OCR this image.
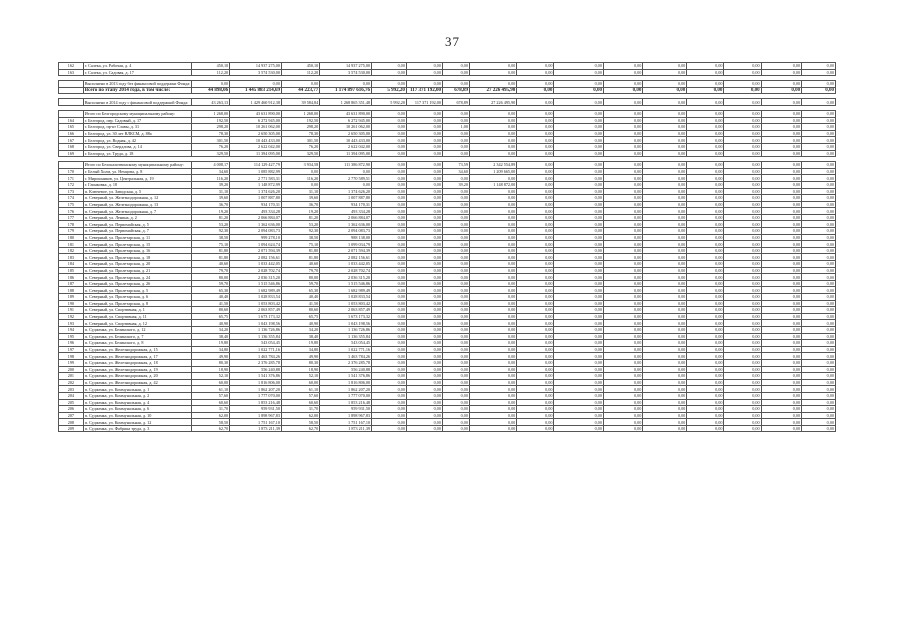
37
162	г. Салека, ул. Рабочая, д. 4	450,10	14 937 275,00	450,10	14 937 275,00	0,00	0,00	0,00	0,00	0,00	0,00	0,00	0,00	0,00	0,00	0,00	0,00
163	г. Салека, ул. Садовая, д. 17	112,20	3 574 530,00	112,20	3 574 530,00	0,00	0,00	0,00	0,00	0,00	0,00	0,00	0,00	0,00	0,00	0,00	0,00

	Выполнено в 2013 году без финансовой поддержки Фонда:	0,00	0,00	0,00	0,00	0,00	0,00	0,00	0,00	0,00	0,00	0,00	0,00	0,00	0,00	0,00	0,00
	Всего по этапу 2014 года, в том числе:	44 898,06	1 445 883 214,69	44 223,77	1 174 897 616,76	5 992,20	117 371 192,00	678,89	27 226 495,90	0,00	0,00	0,00	0,00	0,00	0,00	0,00	0,00

	Выполнено в 2014 году с финансовой поддержкой Фонда:	43 263,13	1 429 460 912,38	39 584,84	1 268 865 351,48	5 992,20	117 371 192,00	678,89	27 226 495,90	0,00	0,00	0,00	0,00	0,00	0,00	0,00	0,00

	Итого по Белгородскому муниципальному району:	1 268,00	43 631 890,00	1 268,00	43 631 890,00	0,00	0,00	0,00	0,00	0,00	0,00	0,00	0,00	0,00	0,00	0,00	0,00
164	г. Белгород, пер. Садовый, д. 17	192,50	6 272 945,00	192,50	6 272 945,00	0,00	0,00	0,00	0,00	0,00	0,00	0,00	0,00	0,00	0,00	0,00	0,00
165	г. Белгород, пр-кт Славы, д. 31	298,20	10 261 062,00	298,20	10 261 062,00	0,00	0,00	1,00	0,00	0,00	0,00	0,00	0,00	0,00	0,00	0,00	0,00
166	г. Белгород, ул. 30 лет ВЛКСМ, д. 88а	78,30	2 650 305,00	78,30	2 650 305,00	0,00	0,00	0,00	0,00	0,00	0,00	0,00	0,00	0,00	0,00	0,00	0,00
167	г. Белгород, ул. Водная, д. 42	301,50	10 443 433,00	301,50	10 443 433,00	0,00	0,00	0,00	0,00	0,00	0,00	0,00	0,00	0,00	0,00	0,00	0,00
168	г. Белгород, ул. Свердлова, д. 14	76,20	2 622 042,00	76,20	2 622 042,00	0,00	0,00	0,00	0,00	0,00	0,00	0,00	0,00	0,00	0,00	0,00	0,00
169	г. Белгород, ул. Труда, д. 18	329,50	11 394 095,00	329,50	11 394 095,00	0,00	0,00	0,00	0,00	0,00	0,00	0,00	0,00	0,00	0,00	0,00	0,00

	Итого по Белокалитвинскому муниципальному району:	4 008,17	114 129 427,79	3 934,58	111 386 872,90	0,00	0,00	73,59	2 342 554,89	0,00	0,00	0,00	0,00	0,00	0,00	0,00	0,00
170	г. Белый Холм, ул. Немцова, д. 8	34,60	1 085 882,99	0,00	0,00	0,00	0,00	34,60	1 209 665,00	0,00	0,00	0,00	0,00	0,00	0,00	0,00	0,00
171	г. Мирошников, ул. Центральная, д. 19	116,20	2 771 583,31	116,20	2 770 589,51	0,00	0,00	0,00	0,00	0,00	0,00	0,00	0,00	0,00	0,00	0,00	0,00
172	г. Глинковка, д. 18	39,20	1 148 872,99	0,00	0,00	0,00	0,00	39,20	1 148 872,00	0,00	0,00	0,00	0,00	0,00	0,00	0,00	0,00
173	п. Ключевое, ул. Заводская, д. 5	31,10	1 374 626,20	31,10	1 374 626,20	0,00	0,00	0,00	0,00	0,00	0,00	0,00	0,00	0,00	0,00	0,00	0,00
174	п. Северный, ул. Железнодорожная, д. 12	39,60	1 007 887,80	39,60	1 007 887,80	0,00	0,00	0,00	0,00	0,00	0,00	0,00	0,00	0,00	0,00	0,00	0,00
175	п. Северный, ул. Железнодорожная, д. 13	36,70	934 170,31	36,70	934 170,31	0,00	0,00	0,00	0,00	0,00	0,00	0,00	0,00	0,00	0,00	0,00	0,00
176	п. Северный, ул. Железнодорожная, д. 7	19,20	493 334,28	19,20	493 334,28	0,00	0,00	0,00	0,00	0,00	0,00	0,00	0,00	0,00	0,00	0,00	0,00
177	п. Северный, ул. Ленина, д. 2	81,20	2 066 884,07	81,20	2 066 884,07	0,00	0,00	0,00	0,00	0,00	0,00	0,00	0,00	0,00	0,00	0,00	0,00
178	п. Северный, ул. Первомайская, д. 5	53,20	1 362 636,00	53,20	1 362 636,00	0,00	0,00	0,00	0,00	0,00	0,00	0,00	0,00	0,00	0,00	0,00	0,00
179	п. Северный, ул. Первомайская, д. 7	92,30	2 094 083,73	92,30	2 094 083,73	0,00	0,00	0,00	0,00	0,00	0,00	0,00	0,00	0,00	0,00	0,00	0,00
180	п. Северный, ул. Пролетарская, д. 11	38,50	999 278,10	38,50	988 138,00	0,00	0,00	0,00	0,00	0,00	0,00	0,00	0,00	0,00	0,00	0,00	0,00
181	п. Северный, ул. Пролетарская, д. 15	75,10	1 094 624,74	75,10	1 099 034,79	0,00	0,00	0,00	0,00	0,00	0,00	0,00	0,00	0,00	0,00	0,00	0,00
182	п. Северный, ул. Пролетарская, д. 16	81,80	2 071 594,39	81,80	2 071 594,39	0,00	0,00	0,00	0,00	0,00	0,00	0,00	0,00	0,00	0,00	0,00	0,00
183	п. Северный, ул. Пролетарская, д. 18	81,80	2 082 156,61	81,80	2 082 156,61	0,00	0,00	0,00	0,00	0,00	0,00	0,00	0,00	0,00	0,00	0,00	0,00
184	п. Северный, ул. Пролетарская, д. 20	40,60	1 033 442,05	40,60	1 033 442,05	0,00	0,00	0,00	0,00	0,00	0,00	0,00	0,00	0,00	0,00	0,00	0,00
185	п. Северный, ул. Пролетарская, д. 21	79,70	2 028 702,74	79,70	2 028 702,74	0,00	0,00	0,00	0,00	0,00	0,00	0,00	0,00	0,00	0,00	0,00	0,00
186	п. Северный, ул. Пролетарская, д. 24	80,00	2 036 315,20	80,00	2 036 315,20	0,00	0,00	0,00	0,00	0,00	0,00	0,00	0,00	0,00	0,00	0,00	0,00
187	п. Северный, ул. Пролетарская, д. 26	59,70	1 515 546,86	59,70	1 515 546,86	0,00	0,00	0,00	0,00	0,00	0,00	0,00	0,00	0,00	0,00	0,00	0,00
188	п. Северный, ул. Пролетарская, д. 5	65,30	1 682 989,49	65,30	1 682 989,49	0,00	0,00	0,00	0,00	0,00	0,00	0,00	0,00	0,00	0,00	0,00	0,00
189	п. Северный, ул. Пролетарская, д. 6	40,40	1 028 833,54	40,40	1 028 833,54	0,00	0,00	0,00	0,00	0,00	0,00	0,00	0,00	0,00	0,00	0,00	0,00
190	п. Северный, ул. Пролетарская, д. 8	41,50	1 053 803,42	41,50	1 053 803,42	0,00	0,00	0,00	0,00	0,00	0,00	0,00	0,00	0,00	0,00	0,00	0,00
191	п. Северный, ул. Спортивная, д. 1	80,60	2 063 857,49	80,60	2 063 857,49	0,00	0,00	0,00	0,00	0,00	0,00	0,00	0,00	0,00	0,00	0,00	0,00
192	п. Северный, ул. Спортивная, д. 11	65,75	1 673 173,32	65,75	1 673 173,32	0,00	0,00	0,00	0,00	0,00	0,00	0,00	0,00	0,00	0,00	0,00	0,00
193	п. Северный, ул. Спортивная, д. 12	40,90	1 043 198,56	40,90	1 043 198,56	0,00	0,00	0,00	0,00	0,00	0,00	0,00	0,00	0,00	0,00	0,00	0,00
194	п. Судженка, ул. Белинского, д. 12	34,20	1 136 726,86	34,20	1 136 726,86	0,00	0,00	0,00	0,00	0,00	0,00	0,00	0,00	0,00	0,00	0,00	0,00
195	п. Судженка, ул. Белинского, д. 7	38,40	1 136 355,84	38,40	1 136 355,84	0,00	0,00	0,00	0,00	0,00	0,00	0,00	0,00	0,00	0,00	0,00	0,00
196	п. Судженка, ул. Белинского, д. 8	19,80	543 054,45	19,80	543 054,45	0,00	0,00	0,00	0,00	0,00	0,00	0,00	0,00	0,00	0,00	0,00	0,00
197	п. Судженка, ул. Железнодорожная, д. 15	34,80	1 022 771,16	34,80	1 022 771,16	0,00	0,00	0,00	0,00	0,00	0,00	0,00	0,00	0,00	0,00	0,00	0,00
198	п. Судженка, ул. Железнодорожная, д. 17	49,90	1 463 784,26	49,90	1 463 784,26	0,00	0,00	0,00	0,00	0,00	0,00	0,00	0,00	0,00	0,00	0,00	0,00
199	п. Судженка, ул. Железнодорожная, д. 18	80,30	2 376 285,78	80,30	2 376 285,78	0,00	0,00	0,00	0,00	0,00	0,00	0,00	0,00	0,00	0,00	0,00	0,00
200	п. Судженка, ул. Железнодорожная, д. 19	18,90	556 240,88	18,90	556 240,88	0,00	0,00	0,00	0,00	0,00	0,00	0,00	0,00	0,00	0,00	0,00	0,00
201	п. Судженка, ул. Железнодорожная, д. 20	52,10	1 541 376,86	52,10	1 541 376,86	0,00	0,00	0,00	0,00	0,00	0,00	0,00	0,00	0,00	0,00	0,00	0,00
202	п. Судженка, ул. Железнодорожная, д. 42	60,00	1 816 806,00	60,00	1 816 806,00	0,00	0,00	0,00	0,00	0,00	0,00	0,00	0,00	0,00	0,00	0,00	0,00
203	п. Судженка, ул. Коммунальная, д. 1	61,10	1 862 207,20	61,10	1 862 207,20	0,00	0,00	0,00	0,00	0,00	0,00	0,00	0,00	0,00	0,00	0,00	0,00
204	п. Судженка, ул. Коммунальная, д. 2	57,60	1 777 070,00	57,60	1 777 070,00	0,00	0,00	0,00	0,00	0,00	0,00	0,00	0,00	0,00	0,00	0,00	0,00
205	п. Судженка, ул. Коммунальная, д. 4	60,60	1 853 216,48	60,60	1 853 216,48	0,00	0,00	0,00	0,00	0,00	0,00	0,00	0,00	0,00	0,00	0,00	0,00
206	п. Судженка, ул. Коммунальная, д. 6	31,70	959 931,50	31,70	959 931,50	0,00	0,00	0,00	0,00	0,00	0,00	0,00	0,00	0,00	0,00	0,00	0,00
207	п. Судженка, ул. Коммунальная, д. 10	62,00	1 898 967,83	62,00	1 898 967,83	0,00	0,00	0,00	0,00	0,00	0,00	0,00	0,00	0,00	0,00	0,00	0,00
208	п. Судженка, ул. Коммунальная, д. 12	58,50	1 751 167,10	58,50	1 751 167,10	0,00	0,00	0,00	0,00	0,00	0,00	0,00	0,00	0,00	0,00	0,00	0,00
209	п. Судженка, ул. Фабрика труда, д. 3	62,70	1 873 211,39	62,70	1 873 211,39	0,00	0,00	0,00	0,00	0,00	0,00	0,00	0,00	0,00	0,00	0,00	0,00
